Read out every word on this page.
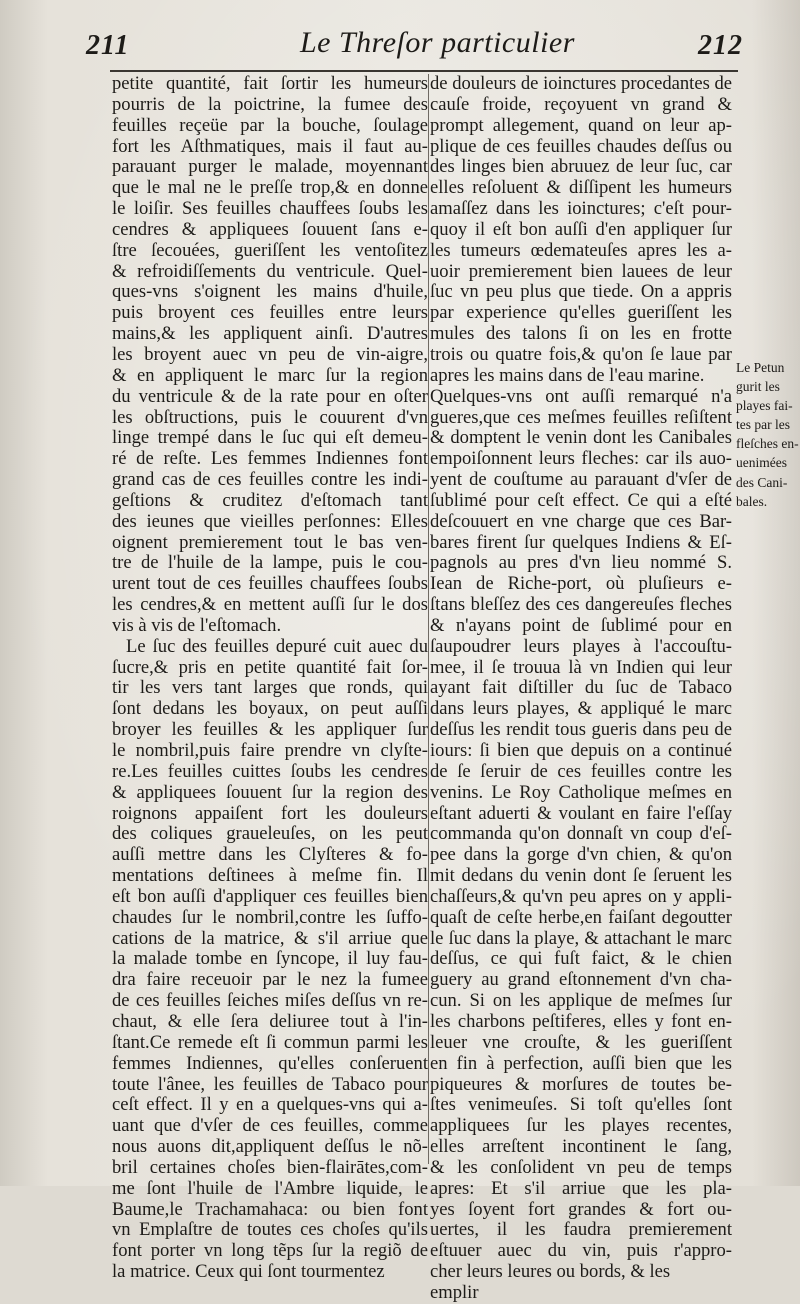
211	Le Threſor particulier	212
petite quantité, fait ſortir les humeurs
pourris de la poictrine, la fumee des
feuilles reçeüe par la bouche, ſoulage
fort les Aſthmatiques, mais il faut au-
parauant purger le malade, moyennant
que le mal ne le preſſe trop,& en donne
le loiſir. Ses feuilles chauffees ſoubs les
cendres & appliquees ſouuent ſans e-
ſtre ſecouées, gueriſſent les ventoſitez
& refroidiſſements du ventricule. Quel-
ques-vns s'oignent les mains d'huile,
puis broyent ces feuilles entre leurs
mains,& les appliquent ainſi. D'autres
les broyent auec vn peu de vin-aigre,
& en appliquent le marc ſur la region
du ventricule & de la rate pour en oſter
les obſtructions, puis le couurent d'vn
linge trempé dans le ſuc qui eſt demeu-
ré de reſte. Les femmes Indiennes font
grand cas de ces feuilles contre les indi-
geſtions & cruditez d'eſtomach tant
des ieunes que vieilles perſonnes: Elles
oignent premierement tout le bas ven-
tre de l'huile de la lampe, puis le cou-
urent tout de ces feuilles chauffees ſoubs
les cendres,& en mettent auſſi ſur le dos
vis à vis de l'eſtomach.
Le ſuc des feuilles depuré cuit auec du
ſucre,& pris en petite quantité fait ſor-
tir les vers tant larges que ronds, qui
ſont dedans les boyaux, on peut auſſi
broyer les feuilles & les appliquer ſur
le nombril,puis faire prendre vn clyſte-
re.Les feuilles cuittes ſoubs les cendres
& appliquees ſouuent ſur la region des
roignons appaiſent fort les douleurs
des coliques graueleuſes, on les peut
auſſi mettre dans les Clyſteres & fo-
mentations deſtinees à meſme fin. Il
eſt bon auſſi d'appliquer ces feuilles bien
chaudes ſur le nombril,contre les ſuffo-
cations de la matrice, & s'il arriue que
la malade tombe en ſyncope, il luy fau-
dra faire receuoir par le nez la fumee
de ces feuilles ſeiches miſes deſſus vn re-
chaut, & elle ſera deliuree tout à l'in-
ſtant.Ce remede eſt ſi commun parmi les
femmes Indiennes, qu'elles conſeruent
toute l'ânee, les feuilles de Tabaco pour
ceſt effect. Il y en a quelques-vns qui a-
uant que d'vſer de ces feuilles, comme
nous auons dit,appliquent deſſus le nõ-
bril certaines choſes bien-flairātes,com-
me ſont l'huile de l'Ambre liquide, le
Baume,le Trachamahaca: ou bien font
vn Emplaſtre de toutes ces choſes qu'ils
font porter vn long tẽps ſur la regiõ de
la matrice. Ceux qui ſont tourmentez
de douleurs de ioinctures procedantes de
cauſe froide, reçoyuent vn grand &
prompt allegement, quand on leur ap-
plique de ces feuilles chaudes deſſus ou
des linges bien abruuez de leur ſuc, car
elles reſoluent & diſſipent les humeurs
amaſſez dans les ioinctures; c'eſt pour-
quoy il eſt bon auſſi d'en appliquer ſur
les tumeurs œdemateuſes apres les a-
uoir premierement bien lauees de leur
ſuc vn peu plus que tiede. On a appris
par experience qu'elles gueriſſent les
mules des talons ſi on les en frotte
trois ou quatre fois,& qu'on ſe laue par
apres les mains dans de l'eau marine.
Quelques-vns ont auſſi remarqué n'a
gueres,que ces meſmes feuilles reſiſtent
& domptent le venin dont les Canibales
empoiſonnent leurs fleches: car ils auo-
yent de couſtume au parauant d'vſer de
ſublimé pour ceſt effect. Ce qui a eſté
deſcouuert en vne charge que ces Bar-
bares firent ſur quelques Indiens & Eſ-
pagnols au pres d'vn lieu nommé S.
Iean de Riche-port, où pluſieurs e-
ſtans bleſſez des ces dangereuſes fleches
& n'ayans point de ſublimé pour en
ſaupoudrer leurs playes à l'accouſtu-
mee, il ſe trouua là vn Indien qui leur
ayant fait diſtiller du ſuc de Tabaco
dans leurs playes, & appliqué le marc
deſſus les rendit tous gueris dans peu de
iours: ſi bien que depuis on a continué
de ſe ſeruir de ces feuilles contre les
venins. Le Roy Catholique meſmes en
eſtant aduerti & voulant en faire l'eſſay
commanda qu'on donnaſt vn coup d'eſ-
pee dans la gorge d'vn chien, & qu'on
mit dedans du venin dont ſe ſeruent les
chaſſeurs,& qu'vn peu apres on y appli-
quaſt de ceſte herbe,en faiſant degoutter
le ſuc dans la playe, & attachant le marc
deſſus, ce qui fuſt faict, & le chien
guery au grand eſtonnement d'vn cha-
cun. Si on les applique de meſmes ſur
les charbons peſtiferes, elles y font en-
leuer vne crouſte, & les gueriſſent
en fin à perfection, auſſi bien que les
piqueures & morſures de toutes be-
ſtes venimeuſes. Si toſt qu'elles ſont
appliquees ſur les playes recentes,
elles arreſtent incontinent le ſang,
& les conſolident vn peu de temps
apres: Et s'il arriue que les pla-
yes ſoyent fort grandes & fort ou-
uertes, il les faudra premierement
eſtuuer auec du vin, puis r'appro-
cher leurs leures ou bords, & les
emplir
Le Petun
gurit les
playes fai-
tes par les
fleſches en-
uenimées
des Cani-
bales.
